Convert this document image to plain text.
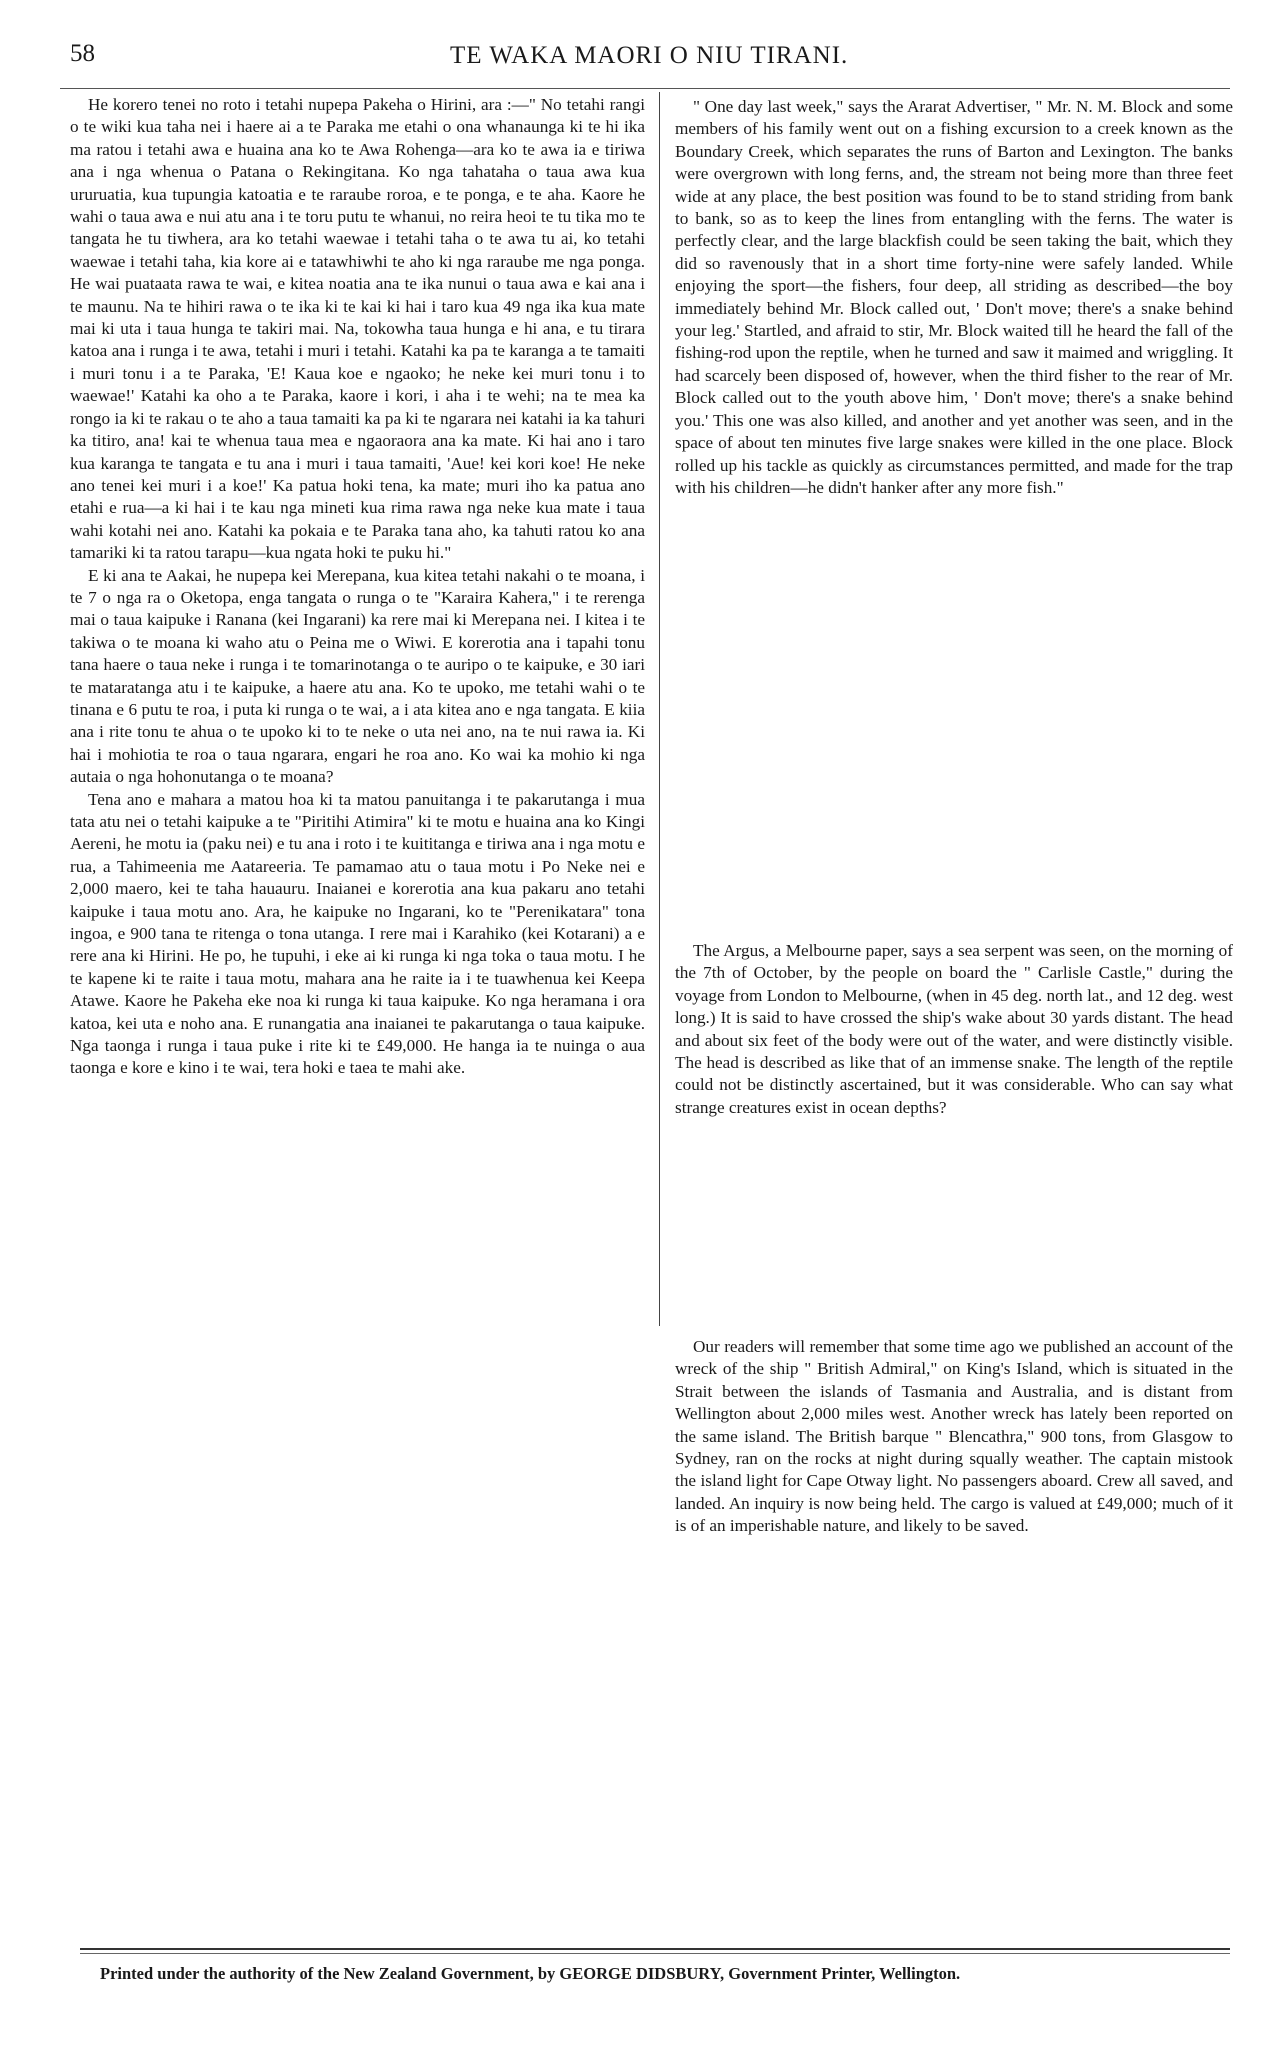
58	TE WAKA MAORI O NIU TIRANI.

He korero tenei no roto i tetahi nupepa Pakeha o Hirini, ara :—" No tetahi rangi o te wiki kua taha nei i haere ai a te Paraka me etahi o ona whanaunga ki te hi ika ma ratou i tetahi awa e huaina ana ko te Awa Rohenga—ara ko te awa ia e tiriwa ana i nga whenua o Patana o Rekingitana. Ko nga tahataha o taua awa kua ururuatia, kua tupungia katoatia e te raraube roroa, e te ponga, e te aha. Kaore he wahi o taua awa e nui atu ana i te toru putu te whanui, no reira heoi te tu tika mo te tangata he tu tiwhera, ara ko tetahi waewae i tetahi taha o te awa tu ai, ko tetahi waewae i tetahi taha, kia kore ai e tatawhiwhi te aho ki nga raraube me nga ponga. He wai puataata rawa te wai, e kitea noatia ana te ika nunui o taua awa e kai ana i te maunu. Na te hihiri rawa o te ika ki te kai ki hai i taro kua 49 nga ika kua mate mai ki uta i taua hunga te takiri mai. Na, tokowha taua hunga e hi ana, e tu tirara katoa ana i runga i te awa, tetahi i muri i tetahi. Katahi ka pa te karanga a te tamaiti i muri tonu i a te Paraka, 'E! Kaua koe e ngaoko; he neke kei muri tonu i to waewae!' Katahi ka oho a te Paraka, kaore i kori, i aha i te wehi; na te mea ka rongo ia ki te rakau o te aho a taua tamaiti ka pa ki te ngarara nei katahi ia ka tahuri ka titiro, ana! kai te whenua taua mea e ngaoraora ana ka mate. Ki hai ano i taro kua karanga te tangata e tu ana i muri i taua tamaiti, 'Aue! kei kori koe! He neke ano tenei kei muri i a koe!' Ka patua hoki tena, ka mate; muri iho ka patua ano etahi e rua—a ki hai i te kau nga mineti kua rima rawa nga neke kua mate i taua wahi kotahi nei ano. Katahi ka pokaia e te Paraka tana aho, ka tahuti ratou ko ana tamariki ki ta ratou tarapu—kua ngata hoki te puku hi."

E ki ana te Aakai, he nupepa kei Merepana, kua kitea tetahi nakahi o te moana, i te 7 o nga ra o Oketopa, enga tangata o runga o te "Karaira Kahera," i te rerenga mai o taua kaipuke i Ranana (kei Ingarani) ka rere mai ki Merepana nei. I kitea i te takiwa o te moana ki waho atu o Peina me o Wiwi. E korerotia ana i tapahi tonu tana haere o taua neke i runga i te tomarinotanga o te auripo o te kaipuke, e 30 iari te mataratanga atu i te kaipuke, a haere atu ana. Ko te upoko, me tetahi wahi o te tinana e 6 putu te roa, i puta ki runga o te wai, a i ata kitea ano e nga tangata. E kiia ana i rite tonu te ahua o te upoko ki to te neke o uta nei ano, na te nui rawa ia. Ki hai i mohiotia te roa o taua ngarara, engari he roa ano. Ko wai ka mohio ki nga autaia o nga hohonutanga o te moana?

Tena ano e mahara a matou hoa ki ta matou panuitanga i te pakarutanga i mua tata atu nei o tetahi kaipuke a te "Piritihi Atimira" ki te motu e huaina ana ko Kingi Aereni, he motu ia (paku nei) e tu ana i roto i te kuititanga e tiriwa ana i nga motu e rua, a Tahimeenia me Aatareeria. Te pamamao atu o taua motu i Po Neke nei e 2,000 maero, kei te taha hauauru. Inaianei e korerotia ana kua pakaru ano tetahi kaipuke i taua motu ano. Ara, he kaipuke no Ingarani, ko te "Perenikatara" tona ingoa, e 900 tana te ritenga o tona utanga. I rere mai i Karahiko (kei Kotarani) a e rere ana ki Hirini. He po, he tupuhi, i eke ai ki runga ki nga toka o taua motu. I he te kapene ki te raite i taua motu, mahara ana he raite ia i te tuawhenua kei Keepa Atawe. Kaore he Pakeha eke noa ki runga ki taua kaipuke. Ko nga heramana i ora katoa, kei uta e noho ana. E runangatia ana inaianei te pakarutanga o taua kaipuke. Nga taonga i runga i taua puke i rite ki te £49,000. He hanga ia te nuinga o aua taonga e kore e kino i te wai, tera hoki e taea te mahi ake.

" One day last week," says the Ararat Advertiser, " Mr. N. M. Block and some members of his family went out on a fishing excursion to a creek known as the Boundary Creek, which separates the runs of Barton and Lexington. The banks were overgrown with long ferns, and, the stream not being more than three feet wide at any place, the best position was found to be to stand striding from bank to bank, so as to keep the lines from entangling with the ferns. The water is perfectly clear, and the large blackfish could be seen taking the bait, which they did so ravenously that in a short time forty-nine were safely landed. While enjoying the sport—the fishers, four deep, all striding as described—the boy immediately behind Mr. Block called out, ' Don't move; there's a snake behind your leg.' Startled, and afraid to stir, Mr. Block waited till he heard the fall of the fishing-rod upon the reptile, when he turned and saw it maimed and wriggling. It had scarcely been disposed of, however, when the third fisher to the rear of Mr. Block called out to the youth above him, ' Don't move; there's a snake behind you.' This one was also killed, and another and yet another was seen, and in the space of about ten minutes five large snakes were killed in the one place. Block rolled up his tackle as quickly as circumstances permitted, and made for the trap with his children—he didn't hanker after any more fish."

The Argus, a Melbourne paper, says a sea serpent was seen, on the morning of the 7th of October, by the people on board the " Carlisle Castle," during the voyage from London to Melbourne, (when in 45 deg. north lat., and 12 deg. west long.) It is said to have crossed the ship's wake about 30 yards distant. The head and about six feet of the body were out of the water, and were distinctly visible. The head is described as like that of an immense snake. The length of the reptile could not be distinctly ascertained, but it was considerable. Who can say what strange creatures exist in ocean depths?

Our readers will remember that some time ago we published an account of the wreck of the ship " British Admiral," on King's Island, which is situated in the Strait between the islands of Tasmania and Australia, and is distant from Wellington about 2,000 miles west. Another wreck has lately been reported on the same island. The British barque " Blencathra," 900 tons, from Glasgow to Sydney, ran on the rocks at night during squally weather. The captain mistook the island light for Cape Otway light. No passengers aboard. Crew all saved, and landed. An inquiry is now being held. The cargo is valued at £49,000; much of it is of an imperishable nature, and likely to be saved.

Printed under the authority of the New Zealand Government, by GEORGE DIDSBURY, Government Printer, Wellington.
